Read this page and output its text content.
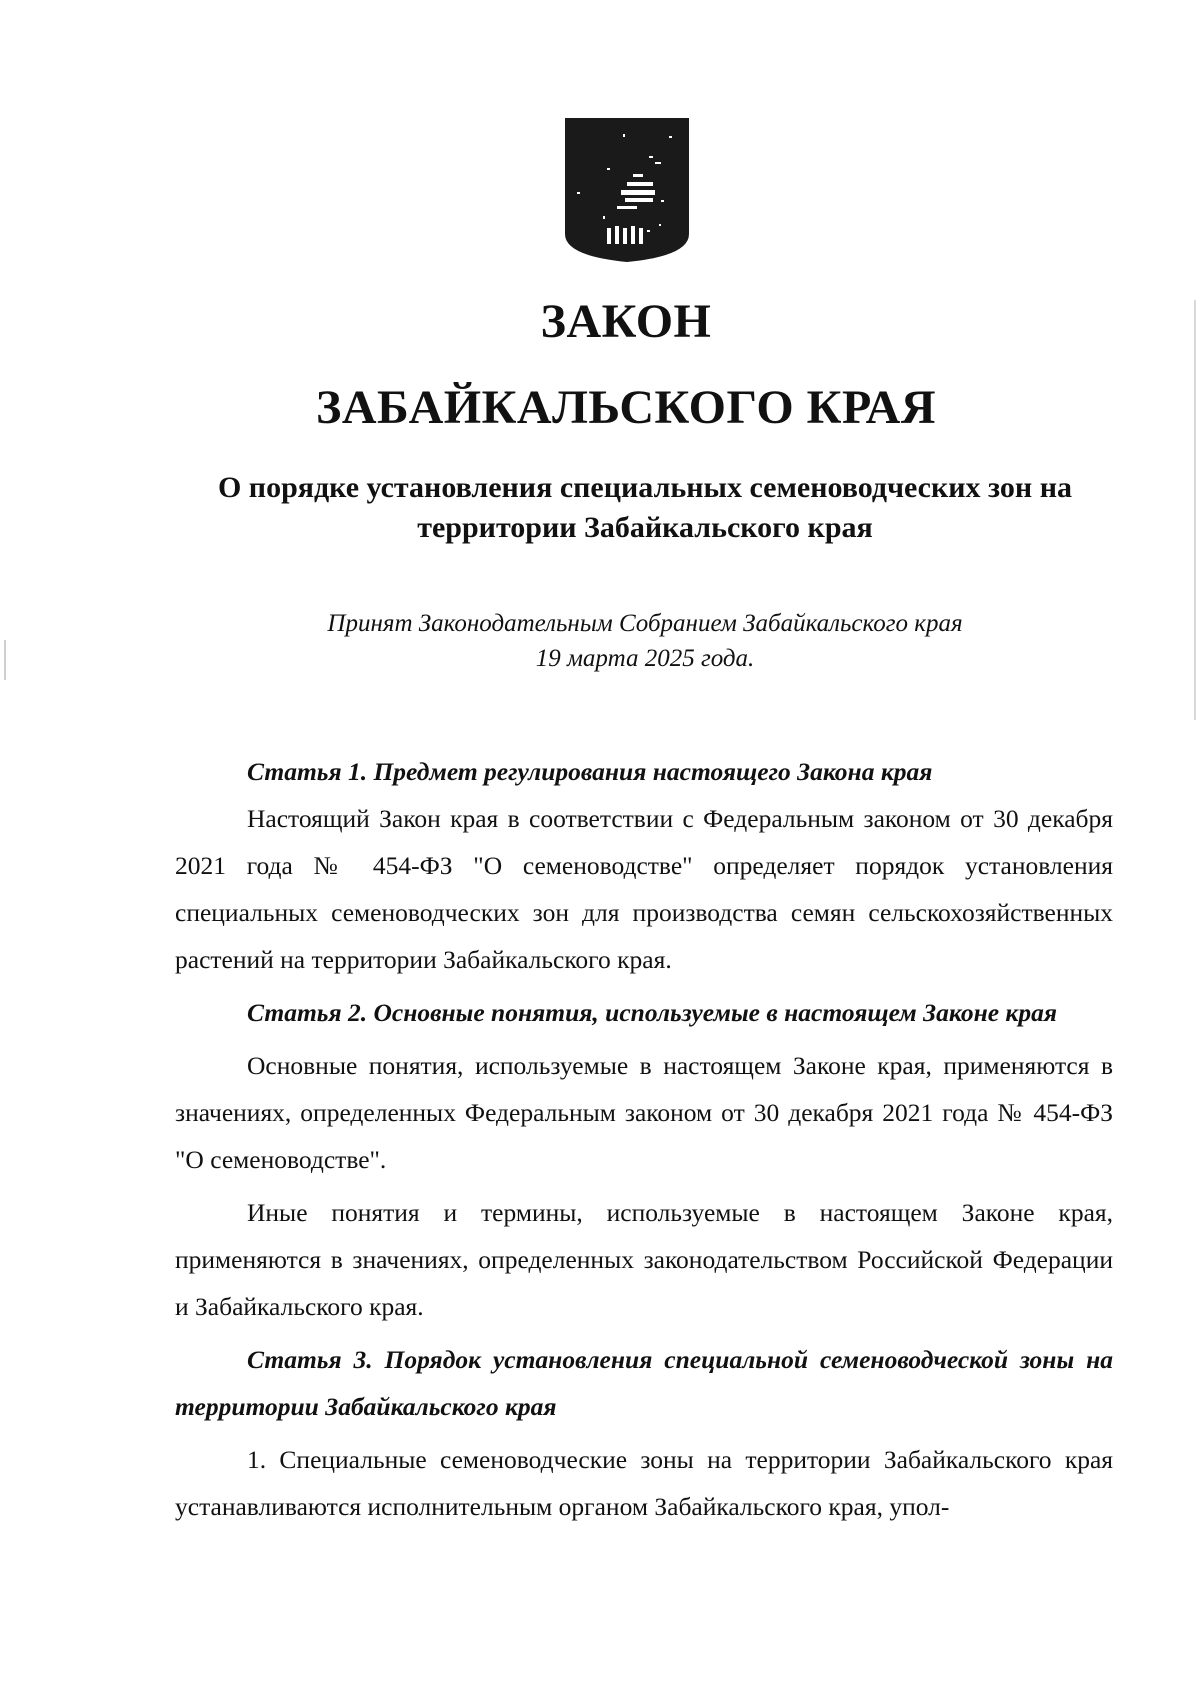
ЗАКОН
ЗАБАЙКАЛЬСКОГО КРАЯ
О порядке установления специальных семеноводческих зон на территории Забайкальского края
Принят Законодательным Собранием Забайкальского края
19 марта 2025 года.

Статья 1. Предмет регулирования настоящего Закона края

Настоящий Закон края в соответствии с Федеральным законом от 30 декабря 2021 года № 454-ФЗ "О семеноводстве" определяет порядок установления специальных семеноводческих зон для производства семян сельскохозяйственных растений на территории Забайкальского края.

Статья 2. Основные понятия, используемые в настоящем Законе края

Основные понятия, используемые в настоящем Законе края, применяются в значениях, определенных Федеральным законом от 30 декабря 2021 года № 454-ФЗ "О семеноводстве".

Иные понятия и термины, используемые в настоящем Законе края, применяются в значениях, определенных законодательством Российской Федерации и Забайкальского края.

Статья 3. Порядок установления специальной семеноводческой зоны на территории Забайкальского края

1. Специальные семеноводческие зоны на территории Забайкальского края устанавливаются исполнительным органом Забайкальского края, упол-
